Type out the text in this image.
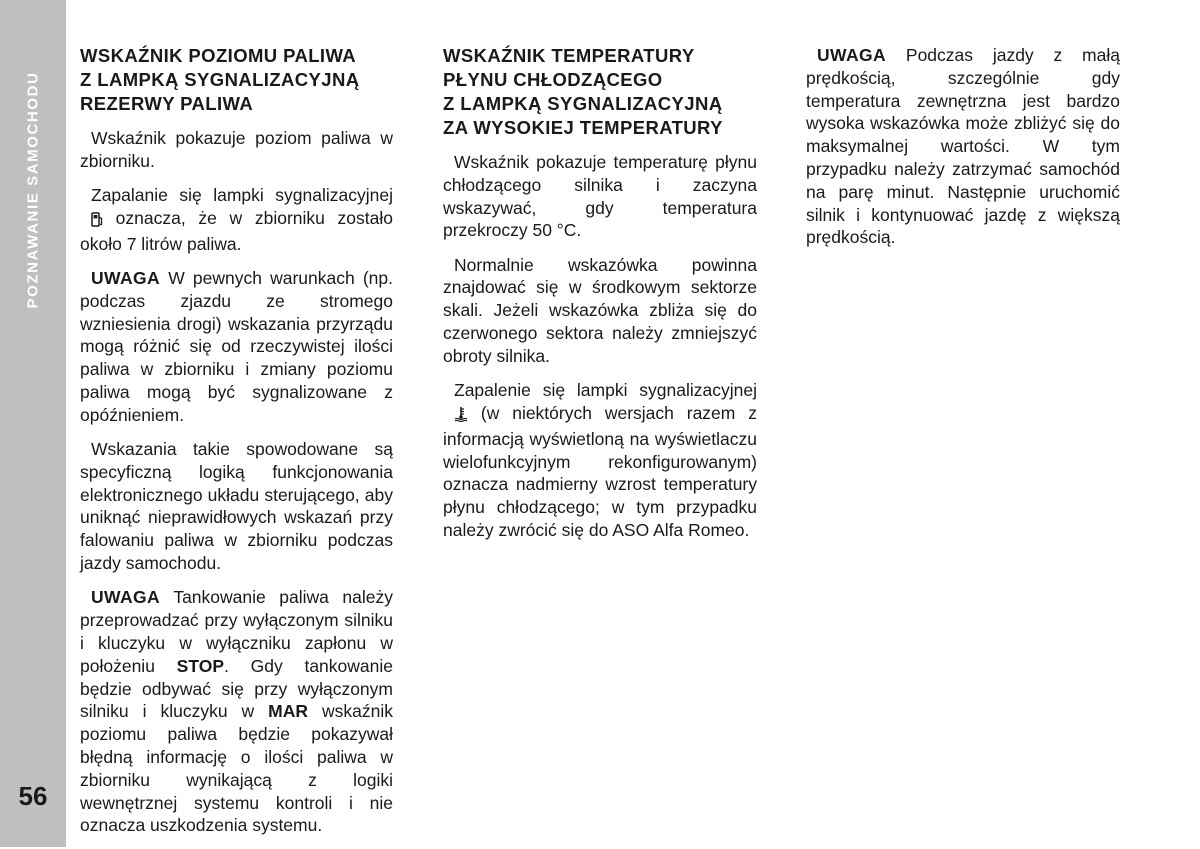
POZNAWANIE SAMOCHODU
56
WSKAŹNIK POZIOMU PALIWA
Z LAMPKĄ SYGNALIZACYJNĄ
REZERWY PALIWA

Wskaźnik pokazuje poziom paliwa w zbiorniku.

Zapalanie się lampki sygnalizacyjnej  oznacza, że w zbiorniku zostało około 7 litrów paliwa.

UWAGA W pewnych warunkach (np. podczas zjazdu ze stromego wzniesienia drogi) wskazania przyrządu mogą różnić się od rzeczywistej ilości paliwa w zbiorniku i zmiany poziomu paliwa mogą być sygnalizowane z opóźnieniem.

Wskazania takie spowodowane są specyficzną logiką funkcjonowania elektronicznego układu sterującego, aby uniknąć nieprawidłowych wskazań przy falowaniu paliwa w zbiorniku podczas jazdy samochodu.

UWAGA Tankowanie paliwa należy przeprowadzać przy wyłączonym silniku i kluczyku w wyłączniku zapłonu w położeniu STOP. Gdy tankowanie będzie odbywać się przy wyłączonym silniku i kluczyku w MAR wskaźnik poziomu paliwa będzie pokazywał błędną informację o ilości paliwa w zbiorniku wynikającą z logiki wewnętrznej systemu kontroli i nie oznacza uszkodzenia systemu.

WSKAŹNIK TEMPERATURY
PŁYNU CHŁODZĄCEGO
Z LAMPKĄ SYGNALIZACYJNĄ
ZA WYSOKIEJ TEMPERATURY

Wskaźnik pokazuje temperaturę płynu chłodzącego silnika i zaczyna wskazywać, gdy temperatura przekroczy 50 °C.

Normalnie wskazówka powinna znajdować się w środkowym sektorze skali. Jeżeli wskazówka zbliża się do czerwonego sektora należy zmniejszyć obroty silnika.

Zapalenie się lampki sygnalizacyjnej  (w niektórych wersjach razem z informacją wyświetloną na wyświetlaczu wielofunkcyjnym rekonfigurowanym) oznacza nadmierny wzrost temperatury płynu chłodzącego; w tym przypadku należy zwrócić się do ASO Alfa Romeo.

UWAGA Podczas jazdy z małą prędkością, szczególnie gdy temperatura zewnętrzna jest bardzo wysoka wskazówka może zbliżyć się do maksymalnej wartości. W tym przypadku należy zatrzymać samochód na parę minut. Następnie uruchomić silnik i kontynuować jazdę z większą prędkością.
